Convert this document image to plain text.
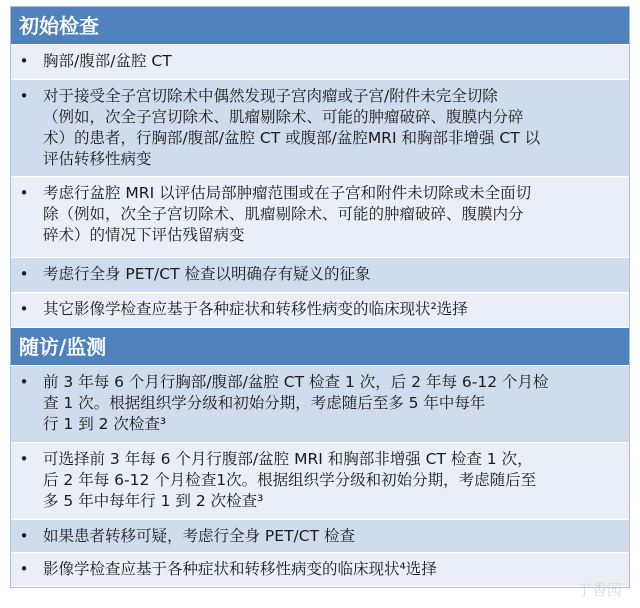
初始检查
• 胸部/腹部/盆腔 CT
• 对于接受全子宫切除术中偶然发现子宫肉瘤或子宫/附件未完全切除
（例如，次全子宫切除术、肌瘤剔除术、可能的肿瘤破碎、腹膜内分碎
术）的患者，行胸部/腹部/盆腔 CT 或腹部/盆腔MRI 和胸部非增强 CT 以
评估转移性病变
• 考虑行盆腔 MRI 以评估局部肿瘤范围或在子宫和附件未切除或未全面切
除（例如，次全子宫切除术、肌瘤剔除术、可能的肿瘤破碎、腹膜内分
碎术）的情况下评估残留病变
• 考虑行全身 PET/CT 检查以明确存有疑义的征象
• 其它影像学检查应基于各种症状和转移性病变的临床现状²选择
随访/监测
• 前 3 年每 6 个月行胸部/腹部/盆腔 CT 检查 1 次，后 2 年每 6-12 个月检
查 1 次。根据组织学分级和初始分期，考虑随后至多 5 年中每年
行 1 到 2 次检查³
• 可选择前 3 年每 6 个月行腹部/盆腔 MRI 和胸部非增强 CT 检查 1 次，
后 2 年每 6-12 个月检查1次。根据组织学分级和初始分期，考虑随后至
多 5 年中每年行 1 到 2 次检查³
• 如果患者转移可疑，考虑行全身 PET/CT 检查
• 影像学检查应基于各种症状和转移性病变的临床现状⁴选择
丁香园
